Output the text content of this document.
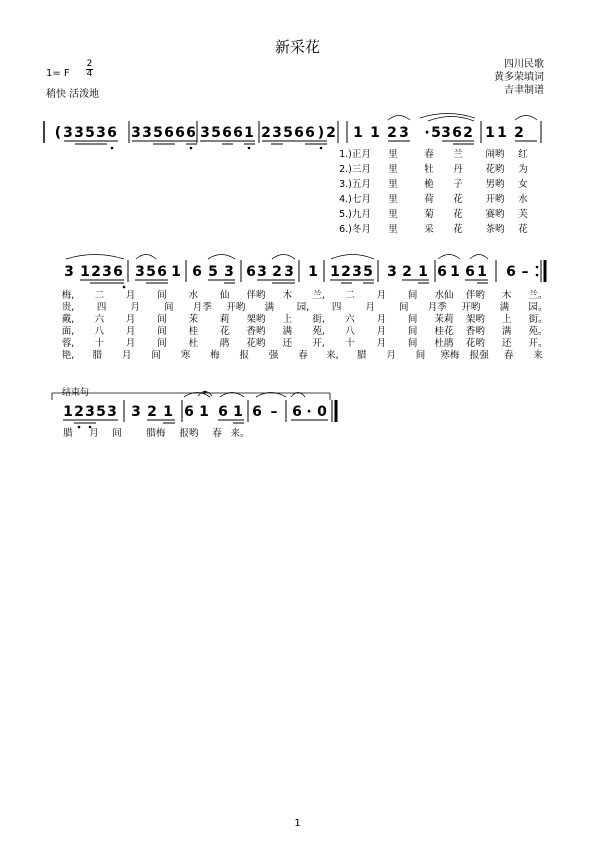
新采花
1= F
2
4
稍快 活泼地
四川民歌
黄多荣填词
吉聿制谱
( 3 3 5 3 6 3 3 5 6 6 6 3 5 6 6 1 2 3 5 6 6 ) 2 1 1 2 3 · 5 3 6 2 1 1 2
3 1 2 3 6 3 5 6 1 6 5 3 6 3 2 3 1 1 2 3 5 3 2 1 6 1 6 1 6 –
1 2 3 5 3 3 2 1 6 1 6 1 6 – 6 · 0
1.)正月 里	春 兰 闹哟 红
2.)三月 里	牡 丹 花哟 为
3.)五月 里	桅 子 男哟 女
4.)七月 里	荷 花 开哟 水
5.)九月 里	菊 花 赛哟 芙
6.)冬月 里	采 花 茶哟 花
梅, 二 月 间 水 仙 伴哟 木 兰, 二 月 间 水仙 伴哟 木 兰。
贵, 四	月	间 月季 开哟 满 园, 四	月	间 月季 开哟 满 园。
戴, 六 月 间 茉 莉 架哟 上 街, 六 月 间 茉莉 架哟 上 街。
面, 八 月 间 桂 花 香哟 满 苑, 八 月 间 桂花 香哟 满 苑。
蓉, 十 月 间 杜 鹃 花哟 还 开, 十 月 间 杜鹃 花哟 还 开。
艳, 腊 月 间 寒 梅 报 强 春 来, 腊 月 间 寒梅 报强 春 来
腊 月 间	腊梅 报哟 春 来。
结束句
1
